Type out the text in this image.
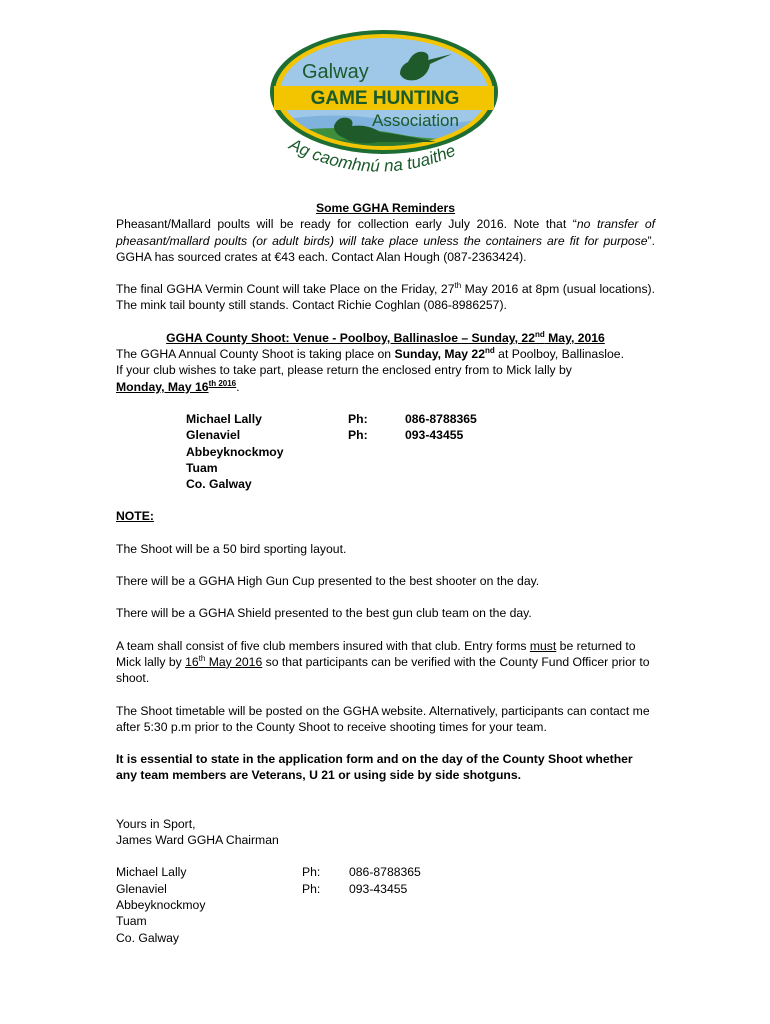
Galway
GAME HUNTING
Association
Ag caomhnú na tuaithe

Some GGHA Reminders

Pheasant/Mallard poults will be ready for collection early July 2016. Note that “no transfer of pheasant/mallard poults (or adult birds) will take place unless the containers are fit for purpose”. GGHA has sourced crates at €43 each. Contact Alan Hough (087-2363424).

The final GGHA Vermin Count will take Place on the Friday, 27th May 2016 at 8pm (usual locations). The mink tail bounty still stands. Contact Richie Coghlan (086-8986257).

GGHA County Shoot: Venue - Poolboy, Ballinasloe – Sunday, 22nd May, 2016

The GGHA Annual County Shoot is taking place on Sunday, May 22nd at Poolboy, Ballinasloe.

If your club wishes to take part, please return the enclosed entry from to Mick lally by

Monday, May $16^{th 2016}$.

Michael Lally	Ph:	086-8788365
Glenaviel	Ph:	093-43455
Abbeyknockmoy
Tuam
Co. Galway

NOTE:

The Shoot will be a 50 bird sporting layout.

There will be a GGHA High Gun Cup presented to the best shooter on the day.

There will be a GGHA Shield presented to the best gun club team on the day.

A team shall consist of five club members insured with that club. Entry forms must be returned to Mick lally by 16th May 2016 so that participants can be verified with the County Fund Officer prior to shoot.

The Shoot timetable will be posted on the GGHA website. Alternatively, participants can contact me after 5:30 p.m prior to the County Shoot to receive shooting times for your team.

It is essential to state in the application form and on the day of the County Shoot whether any team members are Veterans, U 21 or using side by side shotguns.

Yours in Sport,

James Ward GGHA Chairman

Michael Lally	Ph:	086-8788365
Glenaviel	Ph:	093-43455
Abbeyknockmoy
Tuam
Co. Galway
